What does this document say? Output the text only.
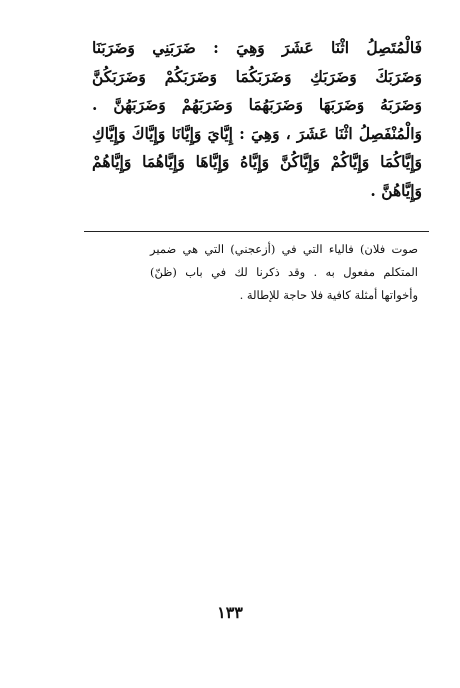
فَالْمُتَصِلُ اثْنَا عَشَرَ وَهِيَ : ضَرَبَنِي وَضَرَبَنَا
وَضَرَبَكَ وَضَرَبَكِ وَضَرَبَكُمَا وَضَرَبَكُمْ وَضَرَبَكُنَّ
وَضَرَبَهُ وَضَرَبَهَا وَضَرَبَهُمَا وَضَرَبَهُمْ وَضَرَبَهُنَّ .
وَالْمُنْفَصِلُ اثْنَا عَشَرَ ، وَهِيَ : إِيَّايَ وَإِيَّانَا وَإِيَّاكَ وَإِيَّاكِ
وَإِيَّاكُمَا وَإِيَّاكُمْ وَإِيَّاكُنَّ وَإِيَّاهُ وَإِيَّاهَا وَإِيَّاهُمَا وَإِيَّاهُمْ
وَإِيَّاهُنَّ .
صوت فلان) فالياء التي في (أزعجني) التي هي ضمير
المتكلم مفعول به . وقد ذكرنا لك في باب (ظنّ)
وأخواتها أمثلة كافية فلا حاجة للإطالة .
١٣٣
